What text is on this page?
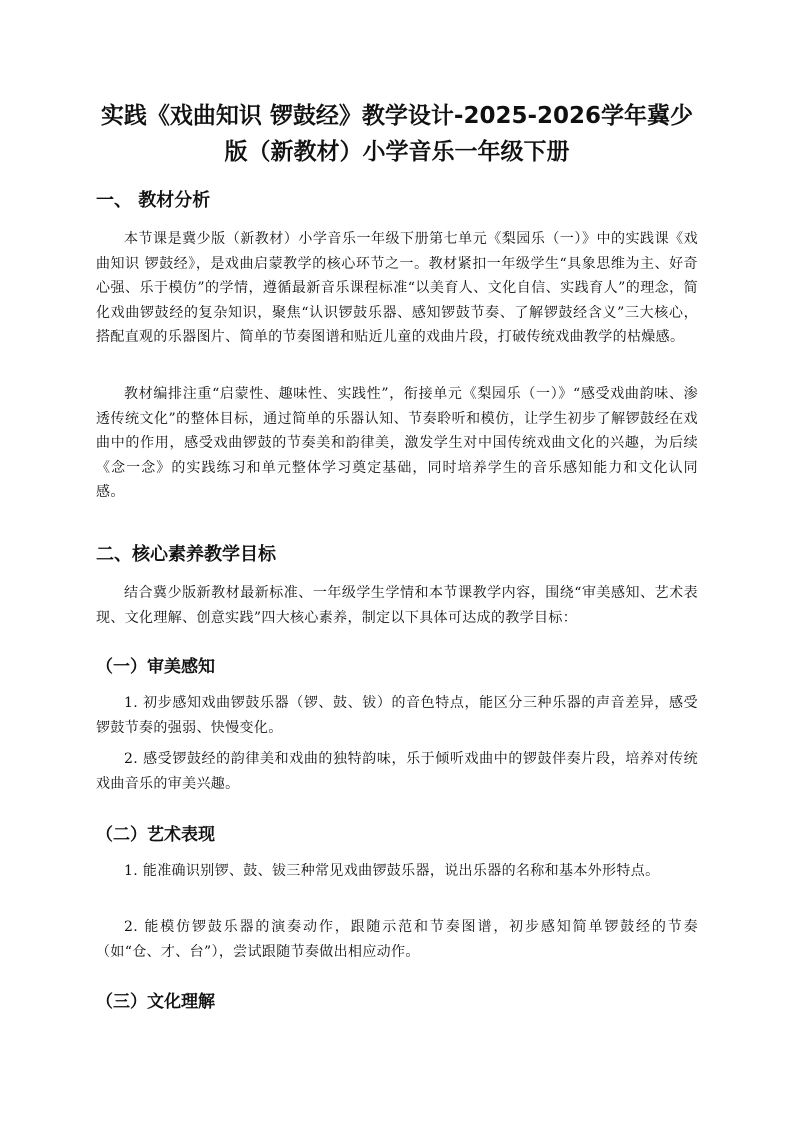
实践《戏曲知识 锣鼓经》教学设计-2025-2026学年冀少
版（新教材）小学音乐一年级下册
一、 教材分析

本节课是冀少版（新教材）小学音乐一年级下册第七单元《梨园乐（一）》中的实践课《戏曲知识 锣鼓经》，是戏曲启蒙教学的核心环节之一。教材紧扣一年级学生“具象思维为主、好奇心强、乐于模仿”的学情，遵循最新音乐课程标准“以美育人、文化自信、实践育人”的理念，简化戏曲锣鼓经的复杂知识，聚焦“认识锣鼓乐器、感知锣鼓节奏、了解锣鼓经含义”三大核心，搭配直观的乐器图片、简单的节奏图谱和贴近儿童的戏曲片段，打破传统戏曲教学的枯燥感。

教材编排注重“启蒙性、趣味性、实践性”，衔接单元《梨园乐（一）》“感受戏曲韵味、渗透传统文化”的整体目标，通过简单的乐器认知、节奏聆听和模仿，让学生初步了解锣鼓经在戏曲中的作用，感受戏曲锣鼓的节奏美和韵律美，激发学生对中国传统戏曲文化的兴趣，为后续《念一念》的实践练习和单元整体学习奠定基础，同时培养学生的音乐感知能力和文化认同感。

二、核心素养教学目标

结合冀少版新教材最新标准、一年级学生学情和本节课教学内容，围绕“审美感知、艺术表现、文化理解、创意实践”四大核心素养，制定以下具体可达成的教学目标：

（一）审美感知

1. 初步感知戏曲锣鼓乐器（锣、鼓、钹）的音色特点，能区分三种乐器的声音差异，感受锣鼓节奏的强弱、快慢变化。

2. 感受锣鼓经的韵律美和戏曲的独特韵味，乐于倾听戏曲中的锣鼓伴奏片段，培养对传统戏曲音乐的审美兴趣。

（二）艺术表现

1. 能准确识别锣、鼓、钹三种常见戏曲锣鼓乐器，说出乐器的名称和基本外形特点。

2. 能模仿锣鼓乐器的演奏动作，跟随示范和节奏图谱，初步感知简单锣鼓经的节奏（如“仓、才、台”），尝试跟随节奏做出相应动作。

（三）文化理解
